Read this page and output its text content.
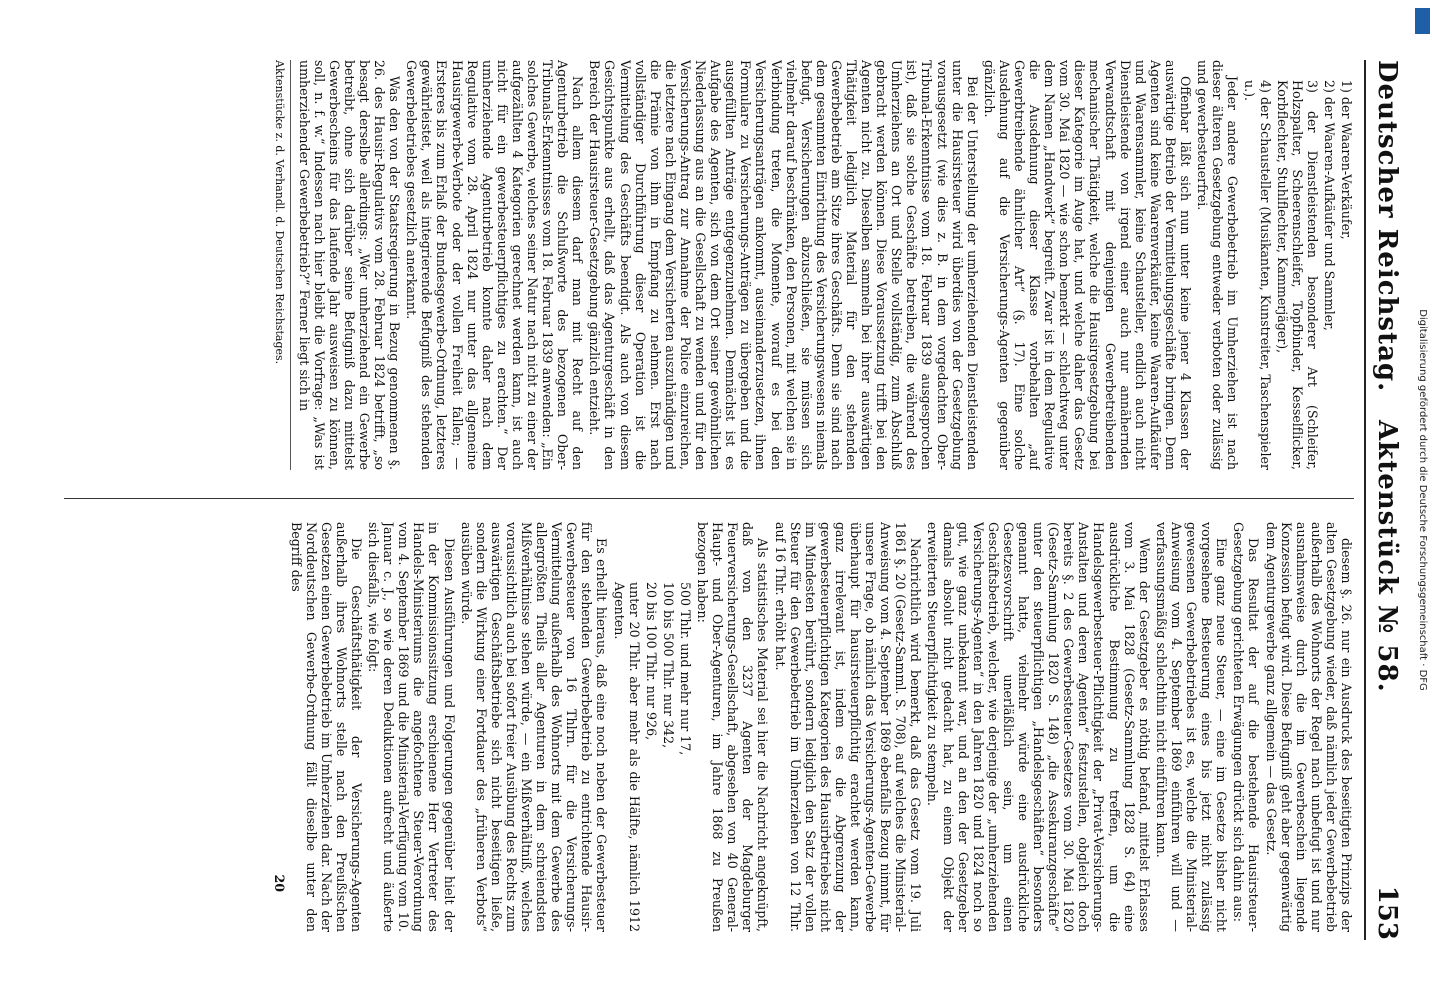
Deutscher Reichstag.
Aktenstück № 58.
153

1) der Waaren-Verkäufer,

2) der Waaren-Aufkäufer und Sammler,

3) der Dienstleistenden besonderer Art (Schleifer, Holzspalter, Scheerenschleifer, Topfbinder, Kesselflicker, Korbflechter, Stuhlflechter, Kammerjäger),

4) der Schausteller (Musikanten, Kunstreiter, Taschenspieler u.).

Jeder andere Gewerbebetrieb im Umherziehen ist nach dieser älteren Gesetzgebung entweder verboten oder zulässig und gewerbesteuerfrei.

Offenbar läßt sich nun unter keine jener 4 Klassen der auswärtige Betrieb der Vermittelungsgeschäfte bringen. Denn Agenten sind keine Waarenverkäufer, keine Waaren-Aufkäufer und Waarensammler, keine Schausteller, endlich auch nicht Dienstleistende von irgend einer auch nur annähernden Verwandtschaft mit denjenigen Gewerbetreibenden mechanischer Thätigkeit, welche die Hausirgesetzgebung bei dieser Kategorie im Auge hat, und welche daher das Gesetz vom 30. Mai 1820 — wie schon bemerkt — schlechtweg unter dem Namen „Handwerk“ begreift. Zwar ist in dem Regulative die Ausdehnung dieser Klasse vorbehalten „auf Gewerbtreibende ähnlicher Art“ (§. 17). Eine solche Ausdehnung auf die Versicherungs-Agenten gegenüber gänzlich.

Bei der Unterstellung der umherziehenden Dienstleistenden unter die Hausirsteuer wird überdies von der Gesetzgebung vorausgesetzt (wie dies z. B. in dem vorgedachten Ober-Tribunal-Erkenntnisse vom 18. Februar 1839 ausgesprochen ist), daß sie solche Geschäfte betreiben, die während des Umherziehens an Ort und Stelle vollständig, zum Abschluß gebracht werden können. Diese Voraussetzung trifft bei den Agenten nicht zu. Dieselben sammeln bei ihrer auswärtigen Thätigkeit lediglich Material für den stehenden Gewerbebetrieb am Sitze ihres Geschäfts. Denn sie sind nach dem gesammten Einrichtung des Versicherungswesens niemals befugt, Versicherungen abzuschließen, sie müssen sich vielmehr darauf beschränken, den Personen, mit welchen sie in Verbindung treten, die Momente, worauf es bei den Versicherungsanträgen ankommt, auseinanderzusetzen, ihnen Formulare zu Versicherungs-Anträgen zu übergeben und die ausgefüllten Anträge entgegenzunehmen. Demnächst ist es Aufgabe des Agenten, sich von dem Ort seiner gewöhnlichen Niederlassung aus an die Gesellschaft zu wenden und für den Versicherungs-Antrag zur Annahme der Police einzureichen, die letztere nach Eingang dem Versicherten auszuhändigen und die Prämie von ihm in Empfang zu nehmen. Erst nach vollständiger Durchführung dieser Operation ist die Vermittelung des Geschäfts beendigt. Als auch von diesem Gesichtspunkte aus erhellt, daß das Agenturgeschäft in den Bereich der Hausirsteuer-Gesetzgebung gänzlich entzieht.

Nach allem diesem darf man mit Recht auf den Agenturbetrieb die Schlußworte des bezogenen Ober-Tribunals-Erkenntnisses vom 18. Februar 1839 anwenden: „Ein solches Gewerbe, welches seiner Natur nach nicht zu einer der aufgezählten 4 Kategorien gerechnet werden kann, ist auch nicht für ein gewerbesteuerpflichtiges zu erachten.“ Der umherziehende Agenturbetrieb konnte daher nach dem Regulative vom 28. April 1824 nur unter das allgemeine Hausirgewerbe-Verbote oder der vollen Freiheit fallen; — Ersteres bis zum Erlaß der Bundesgewerbe-Ordnung, letzteres gewährleistet, weil als integrierende Befugniß des stehenden Gewerbebetriebes gesetzlich anerkannt.

Was den von der Staatsregierung in Bezug genommenen §. 26. des Hausir-Regulativs vom 28. Februar 1824 betrifft, „so besagt derselbe allerdings: „Wer umherziehend ein Gewerbe betreibt, ohne sich darüber seine Befugniß dazu mittelst Gewerbescheins für das laufende Jahr ausweisen zu können, soll, n. f. w.“ Indessen nach hier bleibt die Vorfrage: „Was ist umherziehender Gewerbebetrieb?“ Ferner liegt sich in

Aktenstücke z. d. Verhandl. d. Deutschen Reichstages.

diesem §. 26. nur ein Ausdruck des beseitigten Prinzips der alten Gesetzgebung wieder, daß nämlich jeder Gewerbebetrieb außerhalb des Wohnorts der Regel nach unbefugt ist und nur ausnahmsweise durch die im Gewerbeschein liegende Konzession befugt wird. Diese Befugniß geht aber gegenwärtig dem Agenturgewerbe ganz allgemein — das Gesetz.

Das Resultat der auf die bestehende Hausirsteuer-Gesetzgebung gerichteten Erwägungen drückt sich dahin aus:

Eine ganz neue Steuer, — eine im Gesetze bisher nicht vorgesehene Besteuerung eines bis jetzt nicht zulässig gewesenen Gewerbebetriebes ist es, welche die Ministerial-Anweisung vom 4. September 1869 einführen will und — verfassungsmäßig schlechthin nicht einführen kann.

Wenn der Gesetzgeber es nöthig befand, mittelst Erlasses vom 3. Mai 1828 (Gesetz-Sammlung 1828 S. 64) eine ausdrückliche Bestimmung zu treffen, um die Handelsgewerbesteuer-Pflichtigkeit der „Privat-Versicherungs-Anstalten und deren Agenten“ festzustellen, obgleich doch bereits §. 2 des Gewerbesteuer-Gesetzes vom 30. Mai 1820 (Gesetz-Sammlung 1820 S. 148) „die Assekuranzgeschäfte“ unter den steuerpflichtigen „Handelsgeschäften“ besonders genannt hatte, vielmehr würde eine ausdrückliche Gesetzesvorschrift unerläßlich sein, um einen Geschäftsbetrieb, welcher, wie derjenige der „umherziehenden Versicherungs-Agenten“ in den Jahren 1820 und 1824 noch so gut, wie ganz unbekannt war, und an den der Gesetzgeber damals absolut nicht gedacht hat, zu einem Objekt der erweiterten Steuerpflichtigkeit zu stempeln.

Nachrichtlich wird bemerkt, daß das Gesetz vom 19. Juli 1861 §. 20 (Gesetz-Samml. S. 708), auf welches die Ministerial-Anweisung vom 4. September 1869 ebenfalls Bezug nimmt, für unsere Frage, ob nämlich das Versicherungs-Agenten-Gewerbe überhaupt für hausirsteuerpflichtig erachtet werden kann, ganz irrelevant ist, indem es die Abgrenzung der gewerbesteuerpflichtigen Kategorien des Hausirbetriebes nicht im Mindesten berührt, sondern lediglich den Satz der vollen Steuer für den Gewerbebetrieb im Umherziehen von 12 Thlr. auf 16 Thlr. erhöht hat.

Als statistisches Material sei hier die Nachricht angeknüpft, daß von den 3237 Agenten der Magdeburger Feuerversicherungs-Gesellschaft, abgesehen von 40 General-Haupt- und Ober-Agenturen, im Jahre 1868 zu Preußen bezogen haben:

500 Thlr. und mehr nur 17,

100 bis 500 Thlr. nur 342,

20 bis 100 Thlr. nur 926,

unter 20 Thlr. aber mehr als die Hälfte, nämlich 1912 Agenten.

Es erhellt hieraus, daß eine noch neben der Gewerbesteuer für den stehenden Gewerbebetrieb zu entrichtende Hausir-Gewerbesteuer von 16 Thlrn. für die Versicherungs-Vermittelung außerhalb des Wohnorts mit dem Gewerbe des allergrößten Theils aller Agenturen in dem schreiendsten Mißverhältnisse stehen würde, — ein Mißverhältniß, welches voraussichtlich auch bei sofort freier Ausübung des Rechts zum auswärtigen Geschäftsbetriebe sich nicht beseitigen ließe, sondern die Wirkung einer Fortdauer des „früheren Verbots“ ausüben würde.

Diesen Ausführungen und Folgerungen gegenüber hielt der in der Kommissionssitzung erschienene Herr Vertreter des Handels-Ministeriums die angefochtene Steuer-Verordnung vom 4. September 1869 und die Ministerial-Verfügung vom 10. Januar c. J., so wie deren Deduktionen aufrecht und äußerte sich diesfalls, wie folgt:

Die Geschäftsthätigkeit der Versicherungs-Agenten außerhalb ihres Wohnorts stelle nach den Preußischen Gesetzen einen Gewerbebetrieb im Umherziehen dar. Nach der Norddeutschen Gewerbe-Ordnung fällt dieselbe unter den Begriff des

20

Digitalisierung gefördert durch die Deutsche Forschungsgemeinschaft · DFG
